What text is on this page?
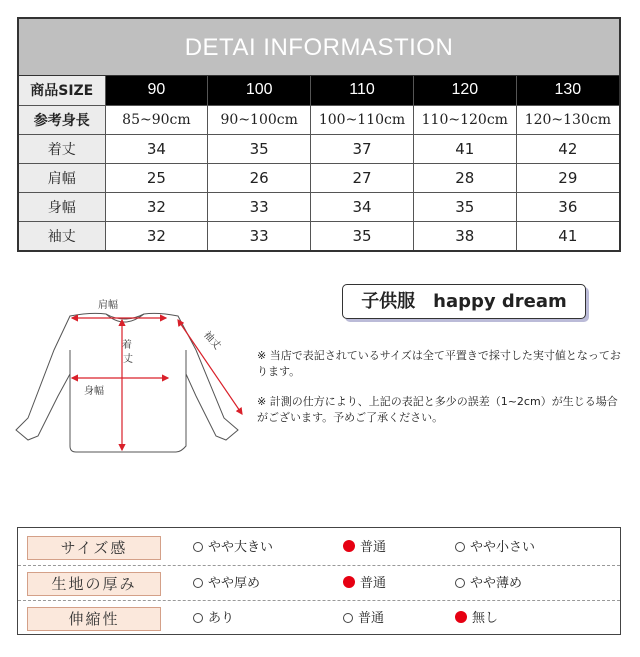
DETAI INFORMASTION
商品SIZE	90	100	110	120	130
参考身長	85~90cm	90~100cm	100~110cm	110~120cm	120~130cm
着丈	34	35	37	41	42
肩幅	25	26	27	28	29
身幅	32	33	34	35	36
袖丈	32	33	35	38	41
肩幅
着
丈
身幅
袖丈
子供服　happy dream

※ 当店で表記されているサイズは全て平置きで採寸した実寸値となっております。

※ 計測の仕方により、上記の表記と多少の誤差（1~2cm）が生じる場合がございます。予めご了承ください。

サイズ感	やや大きい	普通	やや小さい
生地の厚み	やや厚め	普通	やや薄め
伸縮性	あり	普通	無し
